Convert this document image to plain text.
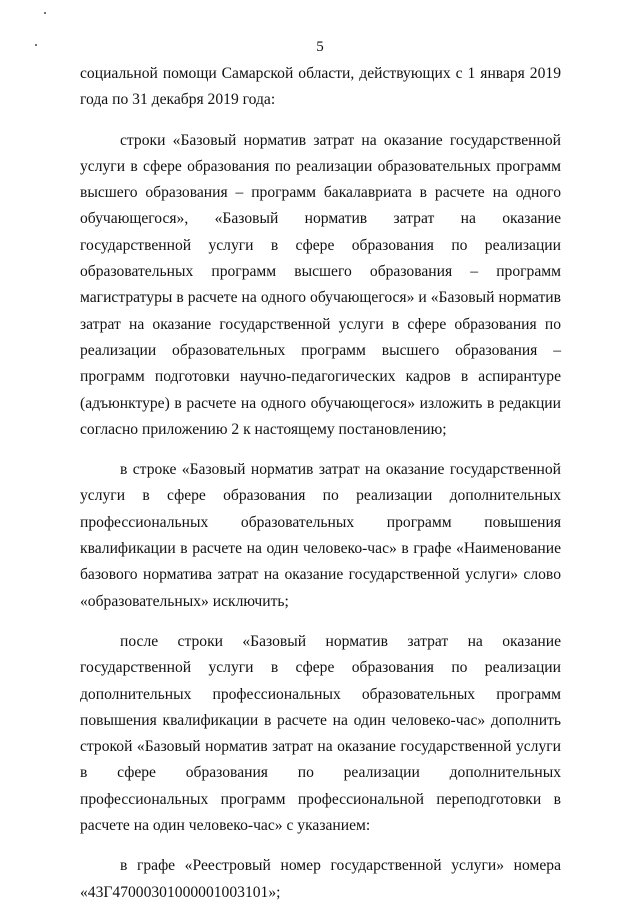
5

социальной помощи Самарской области, действующих с 1 января 2019 года по 31 декабря 2019 года:

строки «Базовый норматив затрат на оказание государственной услуги в сфере образования по реализации образовательных программ высшего образования – программ бакалавриата в расчете на одного обучающегося», «Базовый норматив затрат на оказание государственной услуги в сфере образования по реализации образовательных программ высшего образования – программ магистратуры в расчете на одного обучающегося» и «Базовый норматив затрат на оказание государственной услуги в сфере образования по реализации образовательных программ высшего образования – программ подготовки научно-педагогических кадров в аспирантуре (адъюнктуре) в расчете на одного обучающегося» изложить в редакции согласно приложению 2 к настоящему постановлению;

в строке «Базовый норматив затрат на оказание государственной услуги в сфере образования по реализации дополнительных профессиональных образовательных программ повышения квалификации в расчете на один человеко-час» в графе «Наименование базового норматива затрат на оказание государственной услуги» слово «образовательных» исключить;

после строки «Базовый норматив затрат на оказание государственной услуги в сфере образования по реализации дополнительных профессиональных образовательных программ повышения квалификации в расчете на один человеко-час» дополнить строкой «Базовый норматив затрат на оказание государственной услуги в сфере образования по реализации дополнительных профессиональных программ профессиональной переподготовки в расчете на один человеко-час» с указанием:

в графе «Реестровый номер государственной услуги» номера «43Г47000301000001003101»;
